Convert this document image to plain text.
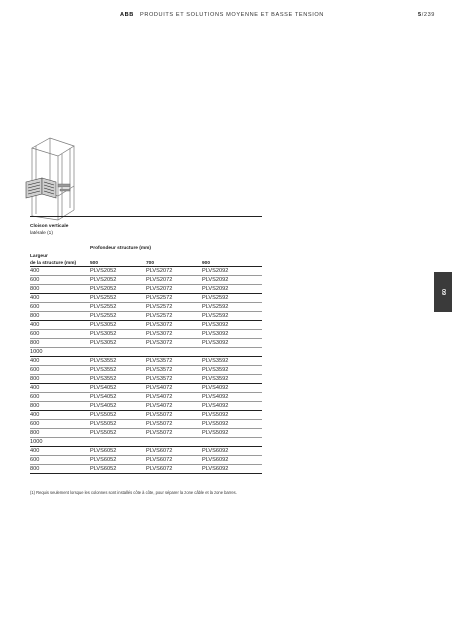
ABB PRODUITS ET SOLUTIONS MOYENNE ET BASSE TENSION	5/239
Cloison verticale
latérale (1)
Profondeur structure (mm)
Largeur
de la structure (mm)	500	700	900
400	PLVS2052	PLVS2072	PLVS2092
600	PLVS2052	PLVS2072	PLVS2092
800	PLVS2052	PLVS2072	PLVS2092
400	PLVS2552	PLVS2572	PLVS2592
600	PLVS2552	PLVS2572	PLVS2592
800	PLVS2552	PLVS2572	PLVS2592
400	PLVS3052	PLVS3072	PLVS3092
600	PLVS3052	PLVS3072	PLVS3092
800	PLVS3052	PLVS3072	PLVS3092
1000
400	PLVS3552	PLVS3572	PLVS3592
600	PLVS3552	PLVS3572	PLVS3592
800	PLVS3552	PLVS3572	PLVS3592
400	PLVS4052	PLVS4072	PLVS4092
600	PLVS4052	PLVS4072	PLVS4092
800	PLVS4052	PLVS4072	PLVS4092
400	PLVS5052	PLVS5072	PLVS5092
600	PLVS5052	PLVS5072	PLVS5092
800	PLVS5052	PLVS5072	PLVS5092
1000
400	PLVS6052	PLVS6072	PLVS6092
600	PLVS6052	PLVS6072	PLVS6092
800	PLVS6052	PLVS6072	PLVS6092
(1) Requis seulement lorsque les colonnes sont installés côte à côte, pour séparer la zone câble et la zone barres.
09
